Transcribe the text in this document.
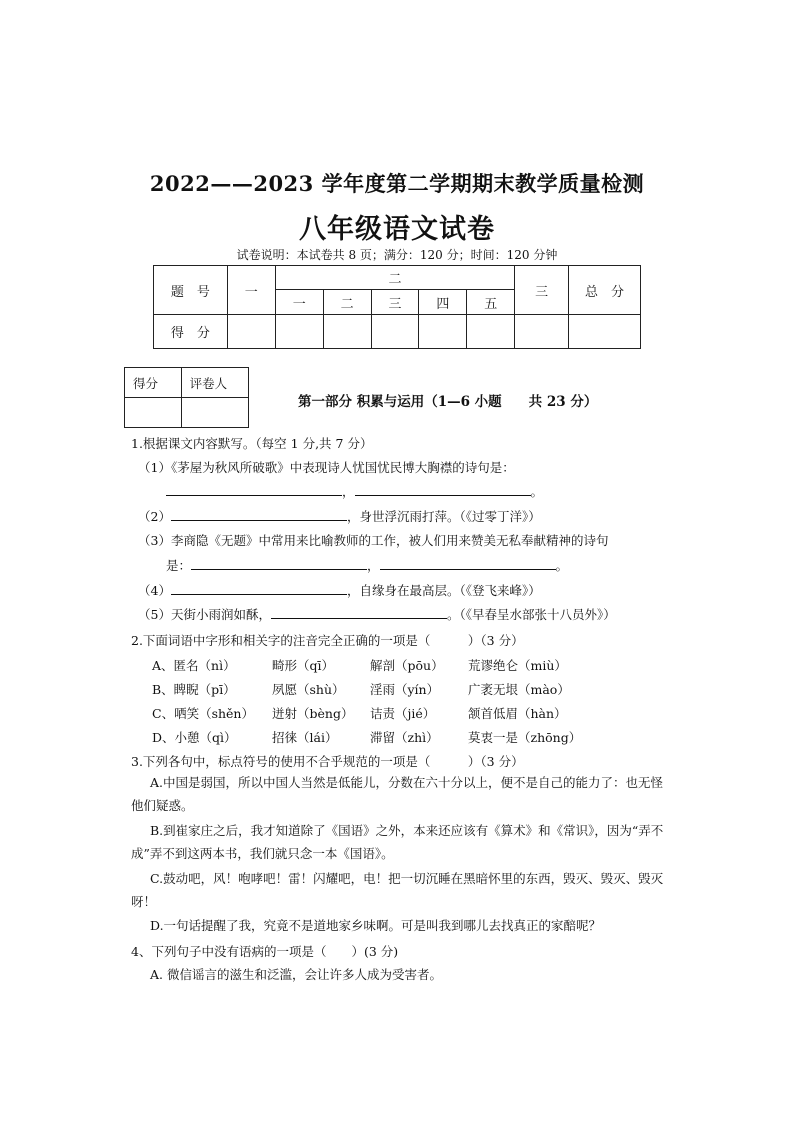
2022——2023 学年度第二学期期末教学质量检测
八年级语文试卷
试卷说明：本试卷共 8 页；满分：120 分；时间：120 分钟
题　号	一	二					三	总　分
		一	二	三	四	五		
得　分								
得分	评卷人

第一部分 积累与运用（1—6 小题　　共 23 分）
1.根据课文内容默写。（每空 1 分,共 7 分）
（1）《茅屋为秋风所破歌》中表现诗人忧国忧民博大胸襟的诗句是：
，	。
（2）	，身世浮沉雨打萍。（《过零丁洋》）
（3）李商隐《无题》中常用来比喻教师的工作，被人们用来赞美无私奉献精神的诗句
是：	，	。
（4）	，自缘身在最高层。（《登飞来峰》）
（5）天街小雨润如酥，	。（《早春呈水部张十八员外》）
2.下面词语中字形和相关字的注音完全正确的一项是（　　　）（3 分）
A、匿名（nì）	畸形（qī）	解剖（pōu） 荒谬绝仑（miù）
B、睥睨（pī）	夙愿（shù） 淫雨（yín） 广袤无垠（mào）
C、哂笑（shěn） 迸射（bèng） 诘责（jié）	颔首低眉（hàn）
D、小憩（qì）	招徕（lái）	滞留（zhì） 莫衷一是（zhōng）
3.下列各句中，标点符号的使用不合乎规范的一项是（　　　）（3 分）
A.中国是弱国，所以中国人当然是低能儿，分数在六十分以上，便不是自己的能力了：也无怪他们疑惑。
B.到崔家庄之后，我才知道除了《国语》之外，本来还应该有《算术》和《常识》，因为“弄不成”弄不到这两本书，我们就只念一本《国语》。
C.鼓动吧，风！咆哮吧！雷！闪耀吧，电！把一切沉睡在黑暗怀里的东西，毁灭、毁灭、毁灭呀！
D.一句话提醒了我，究竟不是道地家乡味啊。可是叫我到哪儿去找真正的家醅呢？
4、下列句子中没有语病的一项是（　　）(3 分)
A. 微信谣言的滋生和泛滥，会让许多人成为受害者。
